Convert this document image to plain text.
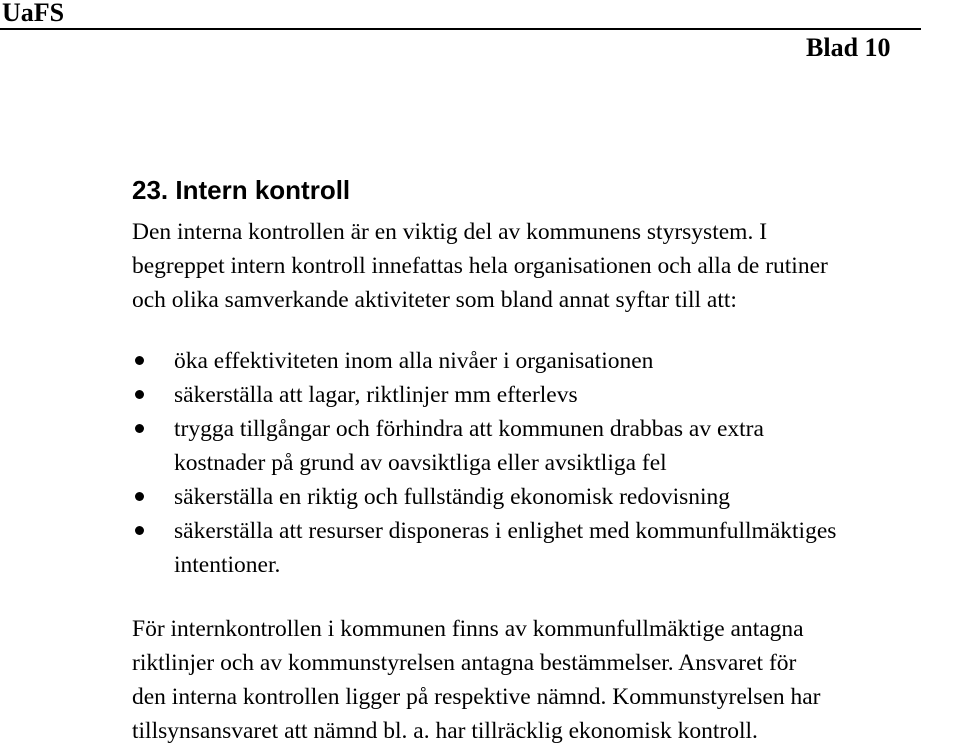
UaFS
Blad 10
23. Intern kontroll

Den interna kontrollen är en viktig del av kommunens styrsystem. I
begreppet intern kontroll innefattas hela organisationen och alla de rutiner
och olika samverkande aktiviteter som bland annat syftar till att:

öka effektiviteten inom alla nivåer i organisationen
säkerställa att lagar, riktlinjer mm efterlevs
trygga tillgångar och förhindra att kommunen drabbas av extra
kostnader på grund av oavsiktliga eller avsiktliga fel
säkerställa en riktig och fullständig ekonomisk redovisning
säkerställa att resurser disponeras i enlighet med kommunfullmäktiges
intentioner.

För internkontrollen i kommunen finns av kommunfullmäktige antagna
riktlinjer och av kommunstyrelsen antagna bestämmelser. Ansvaret för
den interna kontrollen ligger på respektive nämnd. Kommunstyrelsen har
tillsynsansvaret att nämnd bl. a. har tillräcklig ekonomisk kontroll.
